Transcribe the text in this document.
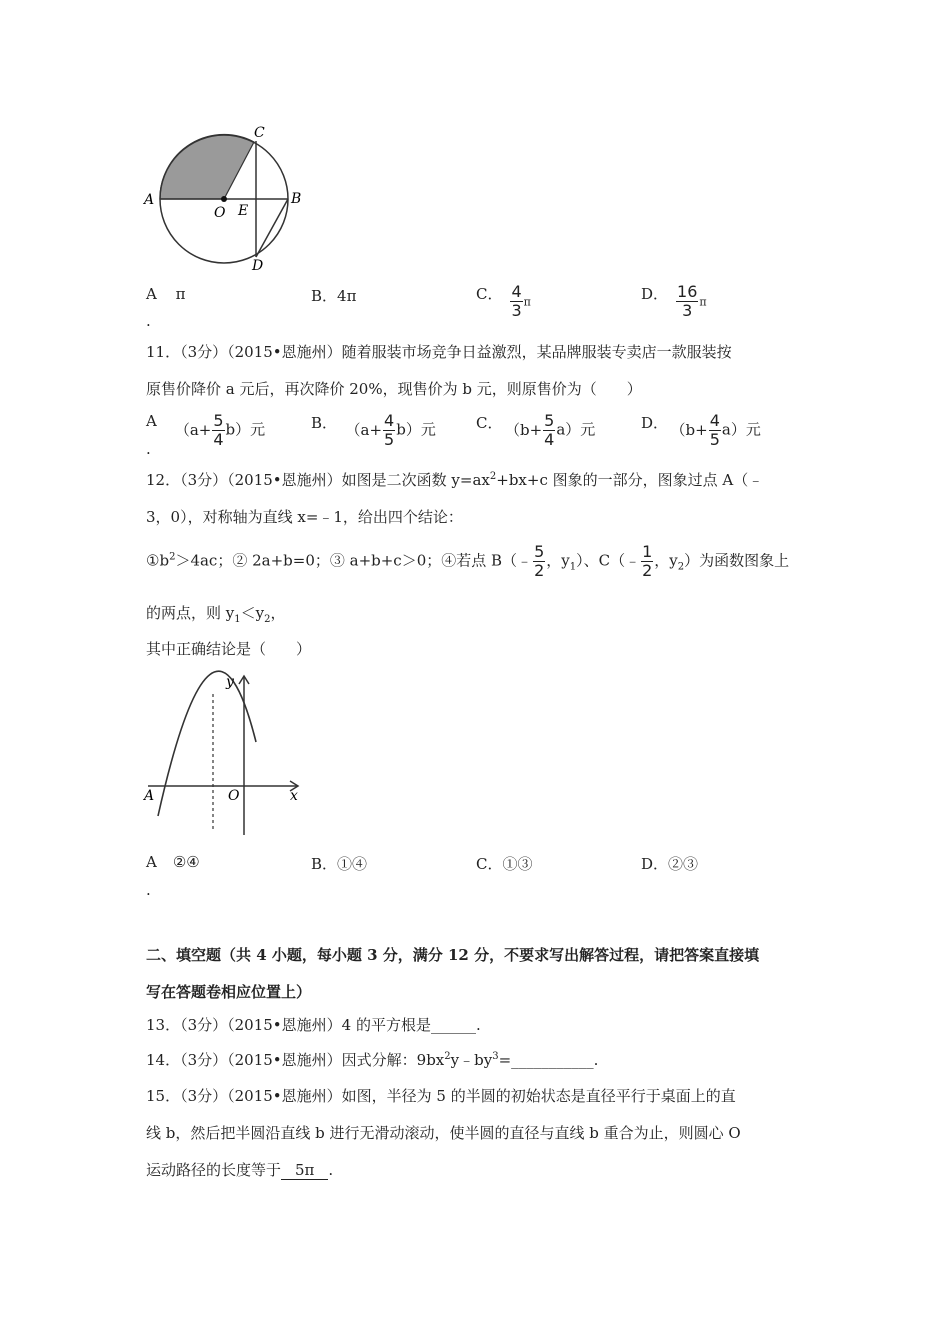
A	B
C
D
O E
A π
.
B．4π	C． $\frac{4}{3}$ π	D． $\frac{16}{3}$ π
11．（3分）（2015•恩施州）随着服装市场竞争日益激烈，某品牌服装专卖店一款服装按
原售价降价 a 元后，再次降价 20%，现售价为 b 元，则原售价为（　　）
A $(a+ \frac{5}{4} b)$元
.
B． $(a+ \frac{4}{5} b)$元	C． $(b+ \frac{5}{4} a)$元	D． $(b+ \frac{4}{5} a)$元
12．（3分）（2015•恩施州）如图是二次函数 $y=ax^2+bx+c$ 图象的一部分，图象过点 A（﹣
3，0），对称轴为直线 x=﹣1，给出四个结论：
$①b^2>4ac$；② 2a+b=0；③ a+b+c＞0；④若点 B（﹣ $\frac{5}{2}$ ，$y_1$）、C（﹣ $\frac{1}{2}$ ，$y_2$）为函数图象上
的两点，则 $y_1<y_2$，
其中正确结论是（　　）
y
x
A	O
A ②④
.
B．①④	C．①③	D．②③
二、填空题（共 4 小题，每小题 3 分，满分 12 分，不要求写出解答过程，请把答案直接填
写在答题卷相应位置上）
13．（3分）（2015•恩施州）4 的平方根是______.
14．（3分）（2015•恩施州）因式分解：$9bx^2y﹣by^3=\_\_\_\_\_\_\_\_\_\_\_$.
15．（3分）（2015•恩施州）如图，半径为 5 的半圆的初始状态是直径平行于桌面上的直
线 b，然后把半圆沿直线 b 进行无滑动滚动，使半圆的直径与直线 b 重合为止，则圆心 O
运动路径的长度等于 5π .
